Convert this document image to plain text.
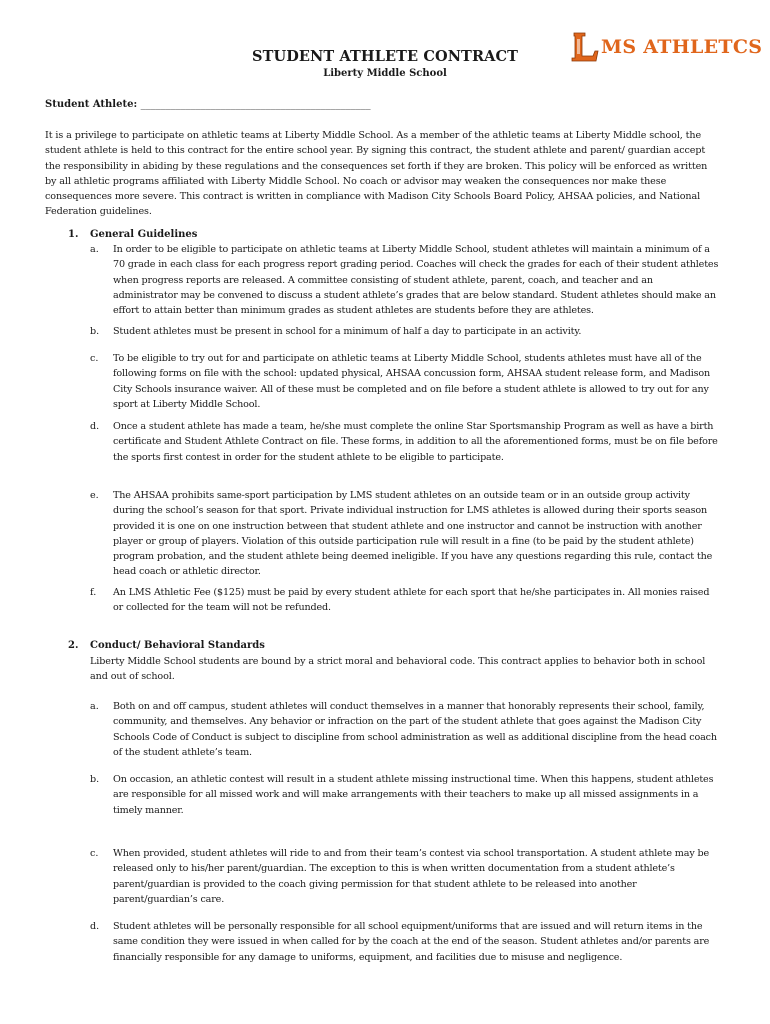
MS ATHLETCS
STUDENT ATHLETE CONTRACT
Liberty Middle School
Student Athlete: ______________________________________________
It is a privilege to participate on athletic teams at Liberty Middle School. As a member of the athletic teams at Liberty Middle school, the student athlete is held to this contract for the entire school year. By signing this contract, the student athlete and parent/ guardian accept the responsibility in abiding by these regulations and the consequences set forth if they are broken. This policy will be enforced as written by all athletic programs affiliated with Liberty Middle School. No coach or advisor may weaken the consequences nor make these consequences more severe. This contract is written in compliance with Madison City Schools Board Policy, AHSAA policies, and National Federation guidelines.
1. General Guidelines
a. In order to be eligible to participate on athletic teams at Liberty Middle School, student athletes will maintain a minimum of a 70 grade in each class for each progress report grading period. Coaches will check the grades for each of their student athletes when progress reports are released. A committee consisting of student athlete, parent, coach, and teacher and an administrator may be convened to discuss a student athlete’s grades that are below standard. Student athletes should make an effort to attain better than minimum grades as student athletes are students before they are athletes.
b. Student athletes must be present in school for a minimum of half a day to participate in an activity.
c. To be eligible to try out for and participate on athletic teams at Liberty Middle School, students athletes must have all of the following forms on file with the school: updated physical, AHSAA concussion form, AHSAA student release form, and Madison City Schools insurance waiver. All of these must be completed and on file before a student athlete is allowed to try out for any sport at Liberty Middle School.
d. Once a student athlete has made a team, he/she must complete the online Star Sportsmanship Program as well as have a birth certificate and Student Athlete Contract on file. These forms, in addition to all the aforementioned forms, must be on file before the sports first contest in order for the student athlete to be eligible to participate.
e. The AHSAA prohibits same-sport participation by LMS student athletes on an outside team or in an outside group activity during the school’s season for that sport. Private individual instruction for LMS athletes is allowed during their sports season provided it is one on one instruction between that student athlete and one instructor and cannot be instruction with another player or group of players. Violation of this outside participation rule will result in a fine (to be paid by the student athlete) program probation, and the student athlete being deemed ineligible. If you have any questions regarding this rule, contact the head coach or athletic director.
f. An LMS Athletic Fee ($125) must be paid by every student athlete for each sport that he/she participates in. All monies raised or collected for the team will not be refunded.
2. Conduct/ Behavioral Standards
Liberty Middle School students are bound by a strict moral and behavioral code. This contract applies to behavior both in school and out of school.
a. Both on and off campus, student athletes will conduct themselves in a manner that honorably represents their school, family, community, and themselves. Any behavior or infraction on the part of the student athlete that goes against the Madison City Schools Code of Conduct is subject to discipline from school administration as well as additional discipline from the head coach of the student athlete’s team.
b. On occasion, an athletic contest will result in a student athlete missing instructional time. When this happens, student athletes are responsible for all missed work and will make arrangements with their teachers to make up all missed assignments in a timely manner.
c. When provided, student athletes will ride to and from their team’s contest via school transportation. A student athlete may be released only to his/her parent/guardian. The exception to this is when written documentation from a student athlete’s parent/guardian is provided to the coach giving permission for that student athlete to be released into another parent/guardian’s care.
d. Student athletes will be personally responsible for all school equipment/uniforms that are issued and will return items in the same condition they were issued in when called for by the coach at the end of the season. Student athletes and/or parents are financially responsible for any damage to uniforms, equipment, and facilities due to misuse and negligence.
